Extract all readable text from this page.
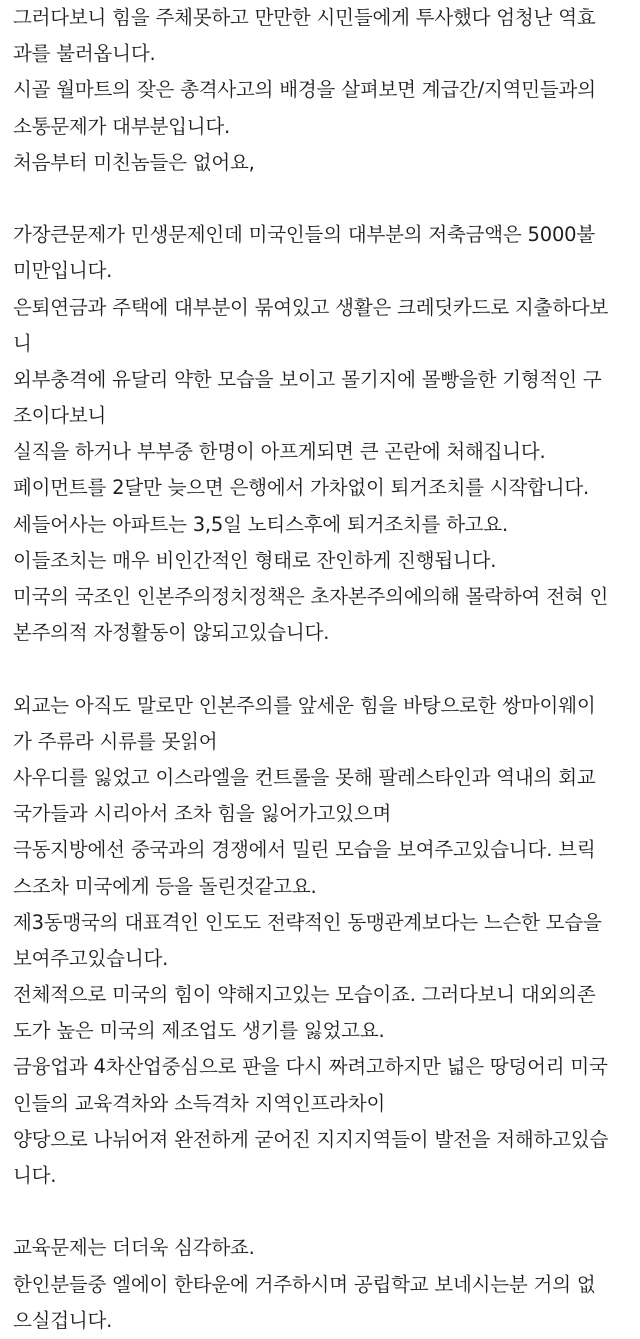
그러다보니 힘을 주체못하고 만만한 시민들에게 투사했다 엄청난 역효
과를 불러옵니다.
시골 월마트의 잦은 총격사고의 배경을 살펴보면 계급간/지역민들과의
소통문제가 대부분입니다.
처음부터 미친놈들은 없어요,
가장큰문제가 민생문제인데 미국인들의 대부분의 저축금액은 5000불
미만입니다.
은퇴연금과 주택에 대부분이 묶여있고 생활은 크레딧카드로 지출하다보
니
외부충격에 유달리 약한 모습을 보이고 몰기지에 몰빵을한 기형적인 구
조이다보니
실직을 하거나 부부중 한명이 아프게되면 큰 곤란에 처해집니다.
페이먼트를 2달만 늦으면 은행에서 가차없이 퇴거조치를 시작합니다.
세들어사는 아파트는 3,5일 노티스후에 퇴거조치를 하고요.
이들조치는 매우 비인간적인 형태로 잔인하게 진행됩니다.
미국의 국조인 인본주의정치정책은 초자본주의에의해 몰락하여 전혀 인
본주의적 자정활동이 않되고있습니다.
외교는 아직도 말로만 인본주의를 앞세운 힘을 바탕으로한 쌍마이웨이
가 주류라 시류를 못읽어
사우디를 잃었고 이스라엘을 컨트롤을 못해 팔레스타인과 역내의 회교
국가들과 시리아서 조차 힘을 잃어가고있으며
극동지방에선 중국과의 경쟁에서 밀린 모습을 보여주고있습니다. 브릭
스조차 미국에게 등을 돌린것같고요.
제3동맹국의 대표격인 인도도 전략적인 동맹관계보다는 느슨한 모습을
보여주고있습니다.
전체적으로 미국의 힘이 약해지고있는 모습이죠. 그러다보니 대외의존
도가 높은 미국의 제조업도 생기를 잃었고요.
금융업과 4차산업중심으로 판을 다시 짜려고하지만 넓은 땅덩어리 미국
인들의 교육격차와 소득격차 지역인프라차이
양당으로 나뉘어져 완전하게 굳어진 지지지역들이 발전을 저해하고있습
니다.
교육문제는 더더욱 심각하죠.
한인분들중 엘에이 한타운에 거주하시며 공립학교 보네시는분 거의 없
으실겁니다.
